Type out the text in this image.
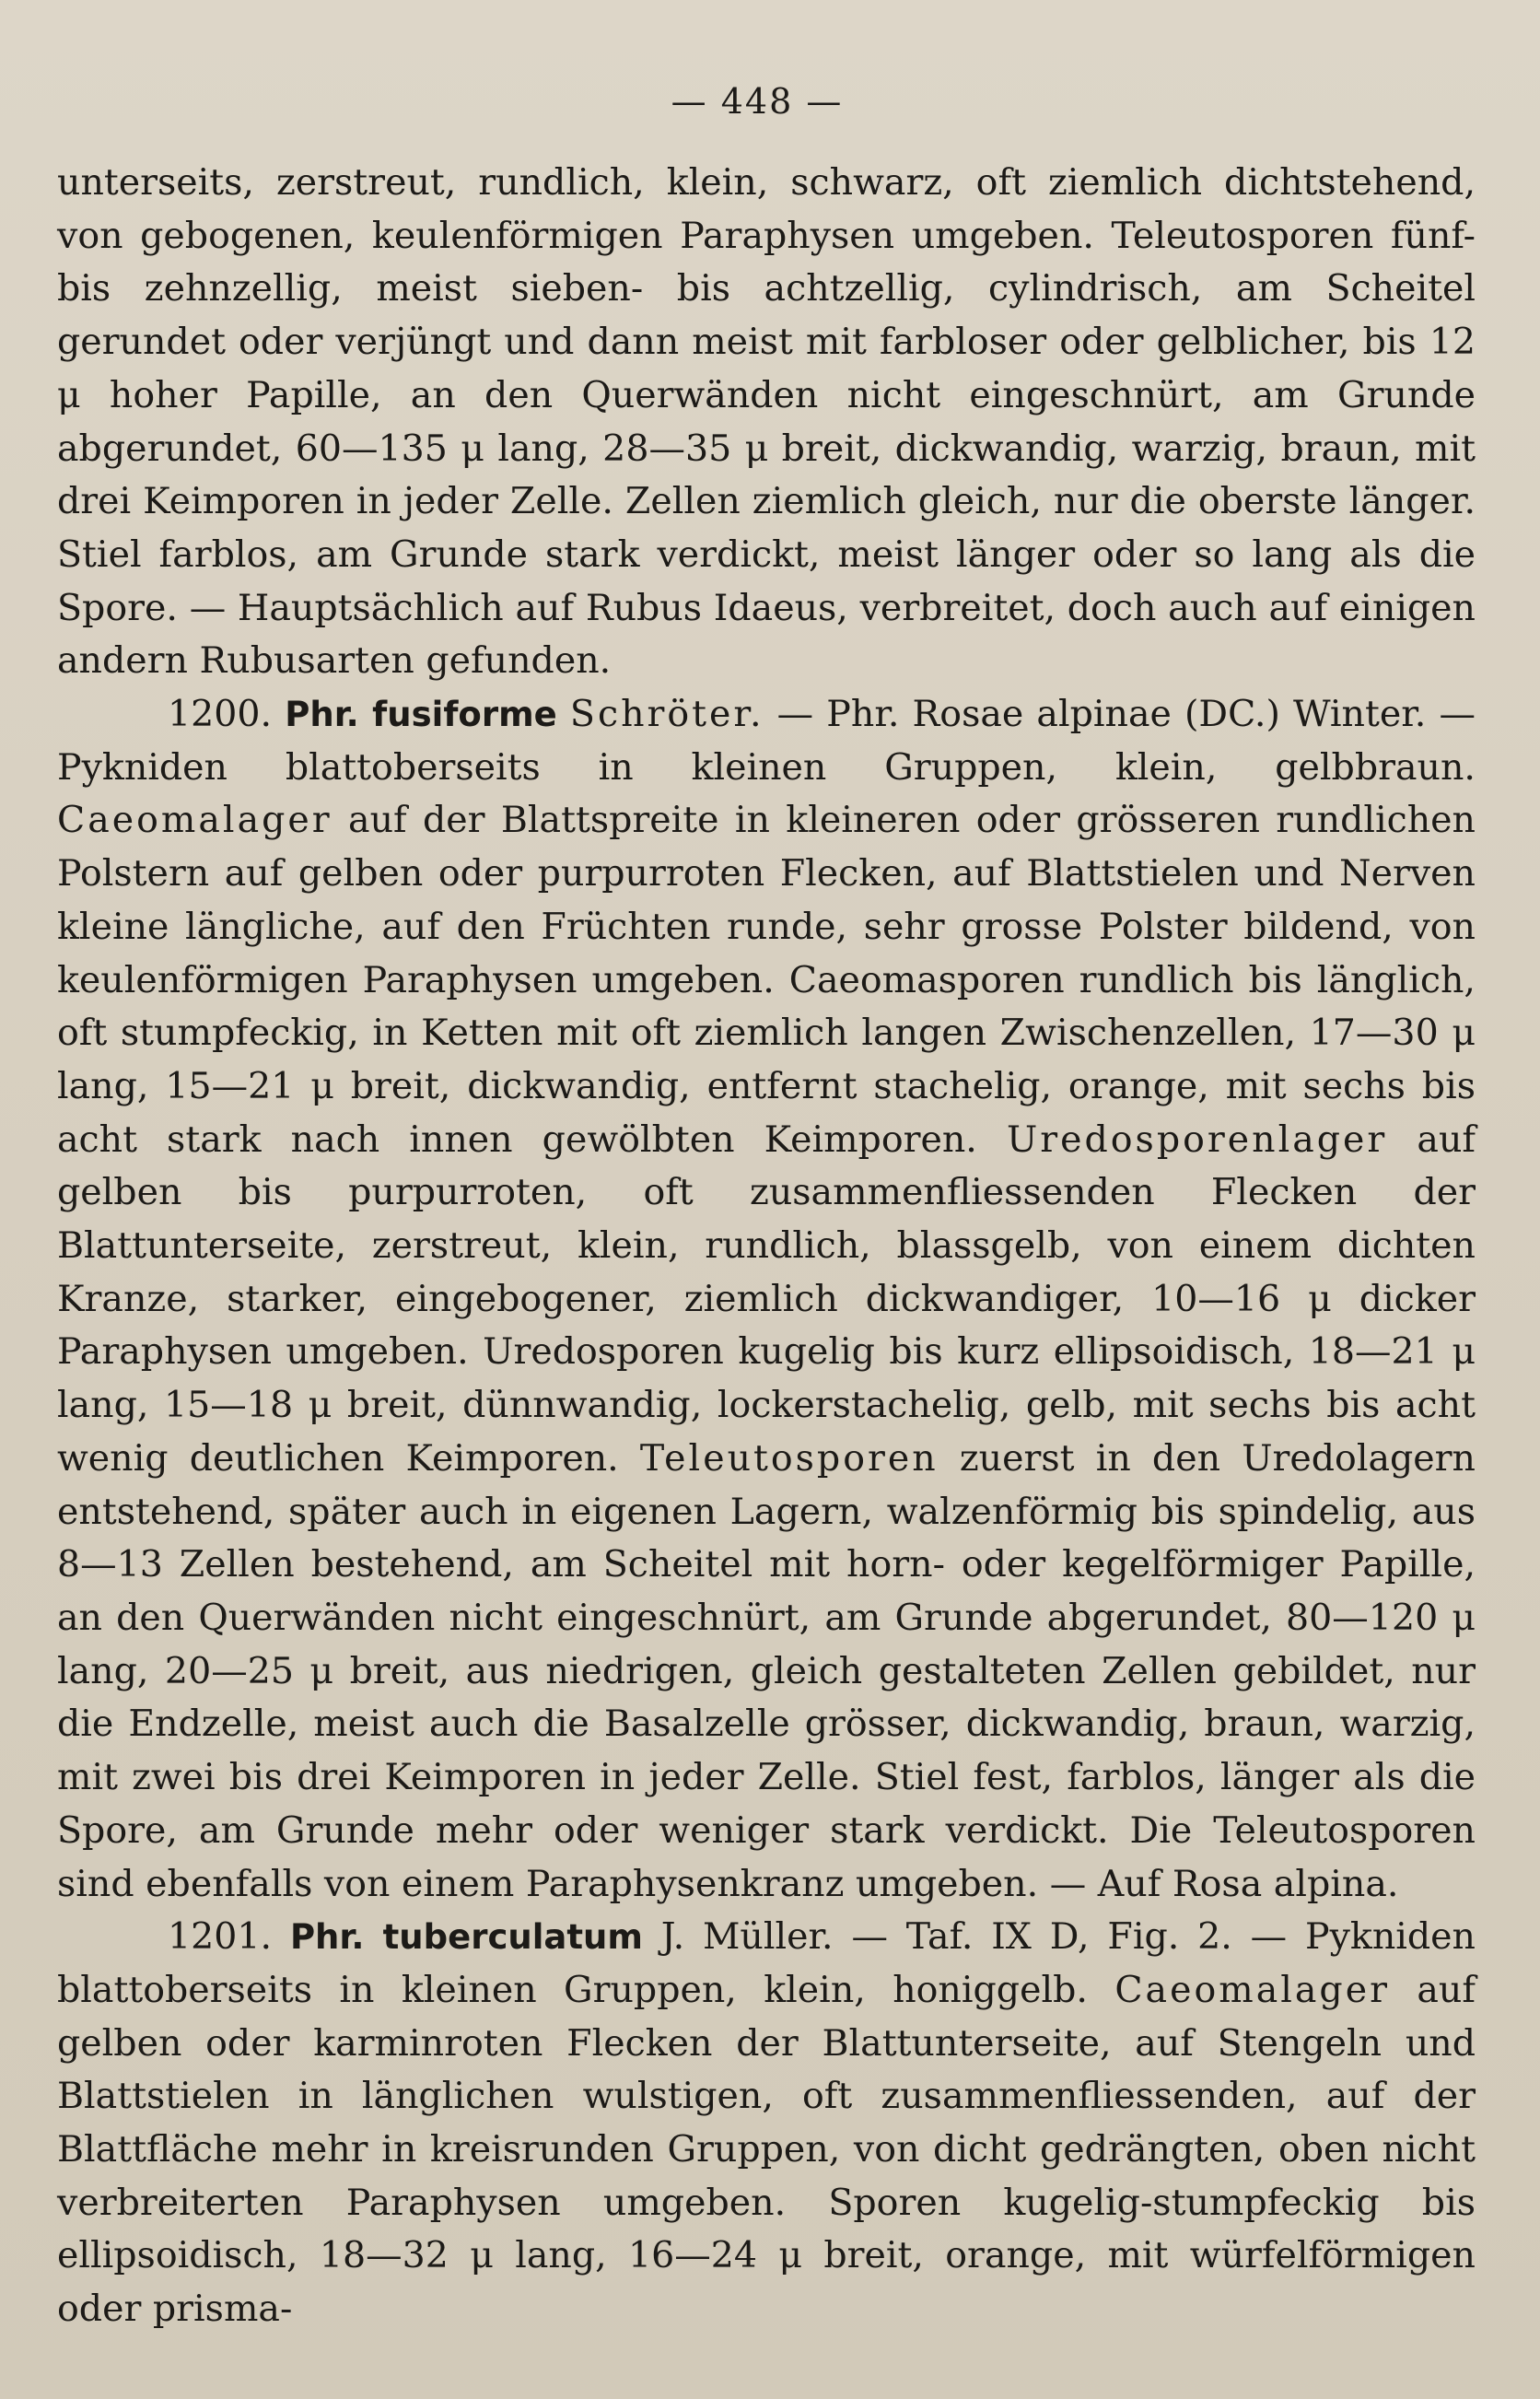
— 448 —

unterseits, zerstreut, rundlich, klein, schwarz, oft ziemlich dichtstehend, von gebogenen, keulenförmigen Paraphysen umgeben. Teleutosporen fünf- bis zehnzellig, meist sieben- bis achtzellig, cylindrisch, am Scheitel gerundet oder verjüngt und dann meist mit farbloser oder gelblicher, bis 12 μ hoher Papille, an den Querwänden nicht eingeschnürt, am Grunde abgerundet, 60—135 μ lang, 28—35 μ breit, dickwandig, warzig, braun, mit drei Keimporen in jeder Zelle. Zellen ziemlich gleich, nur die oberste länger. Stiel farblos, am Grunde stark verdickt, meist länger oder so lang als die Spore. — Hauptsächlich auf Rubus Idaeus, verbreitet, doch auch auf einigen andern Rubusarten gefunden.

1200. Phr. fusiforme Schröter. — Phr. Rosae alpinae (DC.) Winter. — Pykniden blattoberseits in kleinen Gruppen, klein, gelbbraun. Caeomalager auf der Blattspreite in kleineren oder grösseren rundlichen Polstern auf gelben oder purpurroten Flecken, auf Blattstielen und Nerven kleine längliche, auf den Früchten runde, sehr grosse Polster bildend, von keulenförmigen Paraphysen umgeben. Caeomasporen rundlich bis länglich, oft stumpfeckig, in Ketten mit oft ziemlich langen Zwischenzellen, 17—30 μ lang, 15—21 μ breit, dickwandig, entfernt stachelig, orange, mit sechs bis acht stark nach innen gewölbten Keimporen. Uredosporenlager auf gelben bis purpurroten, oft zusammenfliessenden Flecken der Blattunterseite, zerstreut, klein, rundlich, blassgelb, von einem dichten Kranze, starker, eingebogener, ziemlich dickwandiger, 10—16 μ dicker Paraphysen umgeben. Uredosporen kugelig bis kurz ellipsoidisch, 18—21 μ lang, 15—18 μ breit, dünnwandig, lockerstachelig, gelb, mit sechs bis acht wenig deutlichen Keimporen. Teleutosporen zuerst in den Uredolagern entstehend, später auch in eigenen Lagern, walzenförmig bis spindelig, aus 8—13 Zellen bestehend, am Scheitel mit horn- oder kegelförmiger Papille, an den Querwänden nicht eingeschnürt, am Grunde abgerundet, 80—120 μ lang, 20—25 μ breit, aus niedrigen, gleich gestalteten Zellen gebildet, nur die Endzelle, meist auch die Basalzelle grösser, dickwandig, braun, warzig, mit zwei bis drei Keimporen in jeder Zelle. Stiel fest, farblos, länger als die Spore, am Grunde mehr oder weniger stark verdickt. Die Teleutosporen sind ebenfalls von einem Paraphysenkranz umgeben. — Auf Rosa alpina.

1201. Phr. tuberculatum J. Müller. — Taf. IX D, Fig. 2. — Pykniden blattoberseits in kleinen Gruppen, klein, honiggelb. Caeomalager auf gelben oder karminroten Flecken der Blattunterseite, auf Stengeln und Blattstielen in länglichen wulstigen, oft zusammenfliessenden, auf der Blattfläche mehr in kreisrunden Gruppen, von dicht gedrängten, oben nicht verbreiterten Paraphysen umgeben. Sporen kugelig-stumpfeckig bis ellipsoidisch, 18—32 μ lang, 16—24 μ breit, orange, mit würfelförmigen oder prisma-
